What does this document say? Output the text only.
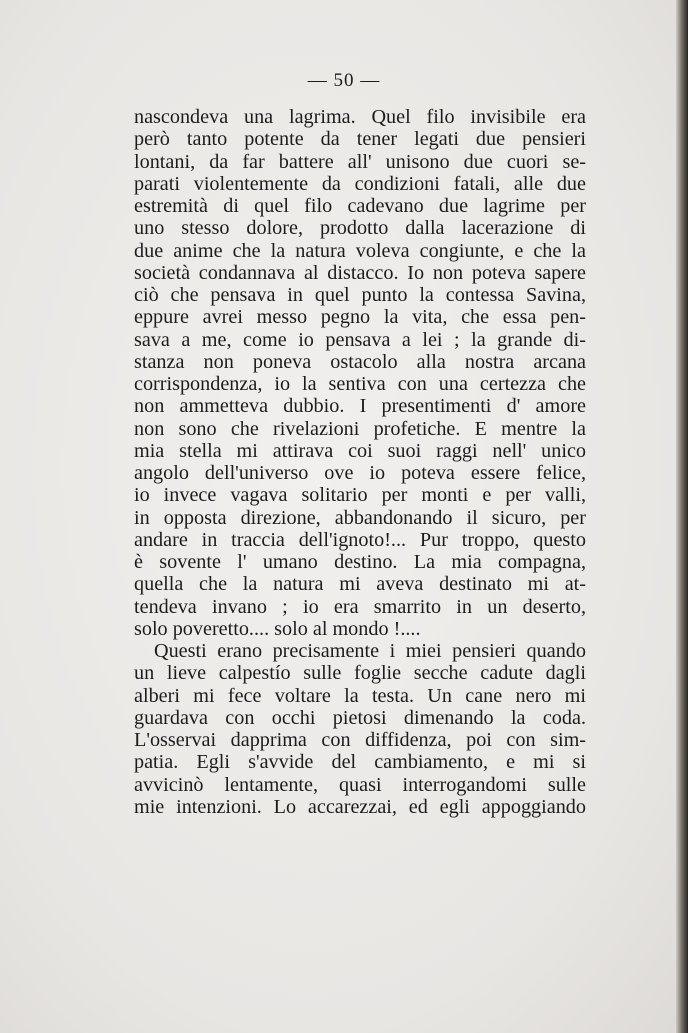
— 50 —
nascondeva una lagrima. Quel filo invisibile era
però tanto potente da tener legati due pensieri
lontani, da far battere all' unisono due cuori se-
parati violentemente da condizioni fatali, alle due
estremità di quel filo cadevano due lagrime per
uno stesso dolore, prodotto dalla lacerazione di
due anime che la natura voleva congiunte, e che la
società condannava al distacco. Io non poteva sapere
ciò che pensava in quel punto la contessa Savina,
eppure avrei messo pegno la vita, che essa pen-
sava a me, come io pensava a lei ; la grande di-
stanza non poneva ostacolo alla nostra arcana
corrispondenza, io la sentiva con una certezza che
non ammetteva dubbio. I presentimenti d' amore
non sono che rivelazioni profetiche. E mentre la
mia stella mi attirava coi suoi raggi nell' unico
angolo dell'universo ove io poteva essere felice,
io invece vagava solitario per monti e per valli,
in opposta direzione, abbandonando il sicuro, per
andare in traccia dell'ignoto!... Pur troppo, questo
è sovente l' umano destino. La mia compagna,
quella che la natura mi aveva destinato mi at-
tendeva invano ; io era smarrito in un deserto,
solo poveretto.... solo al mondo !....
Questi erano precisamente i miei pensieri quando
un lieve calpestío sulle foglie secche cadute dagli
alberi mi fece voltare la testa. Un cane nero mi
guardava con occhi pietosi dimenando la coda.
L'osservai dapprima con diffidenza, poi con sim-
patia. Egli s'avvide del cambiamento, e mi si
avvicinò lentamente, quasi interrogandomi sulle
mie intenzioni. Lo accarezzai, ed egli appoggiando
